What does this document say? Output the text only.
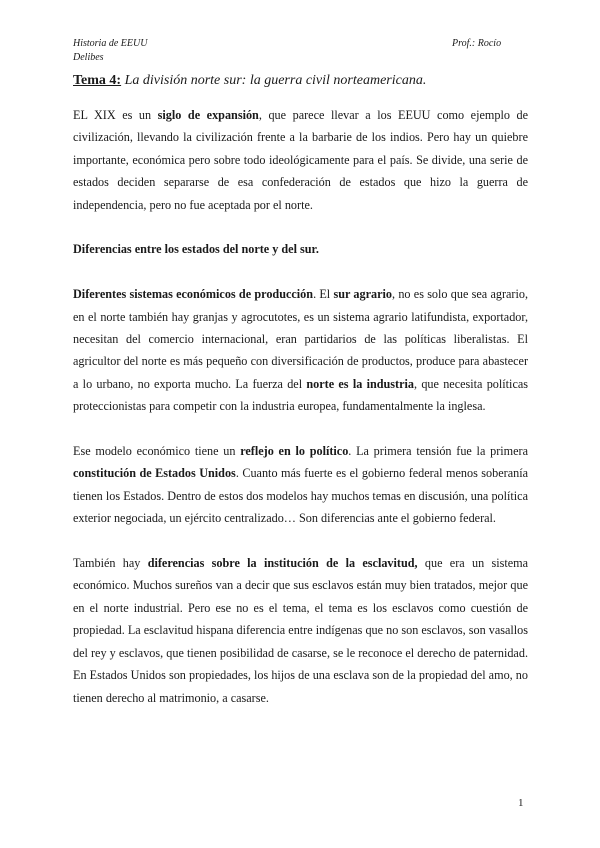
Historia de EEUU
Delibes
Prof.: Rocío
Tema 4: La división norte sur: la guerra civil norteamericana.

EL XIX es un siglo de expansión, que parece llevar a los EEUU como ejemplo de civilización, llevando la civilización frente a la barbarie de los indios. Pero hay un quiebre importante, económica pero sobre todo ideológicamente para el país. Se divide, una serie de estados deciden separarse de esa confederación de estados que hizo la guerra de independencia, pero no fue aceptada por el norte.

Diferencias entre los estados del norte y del sur.

Diferentes sistemas económicos de producción. El sur agrario, no es solo que sea agrario, en el norte también hay granjas y agrocutotes, es un sistema agrario latifundista, exportador, necesitan del comercio internacional, eran partidarios de las políticas liberalistas. El agricultor del norte es más pequeño con diversificación de productos, produce para abastecer a lo urbano, no exporta mucho. La fuerza del norte es la industria, que necesita políticas proteccionistas para competir con la industria europea, fundamentalmente la inglesa.

Ese modelo económico tiene un reflejo en lo político. La primera tensión fue la primera constitución de Estados Unidos. Cuanto más fuerte es el gobierno federal menos soberanía tienen los Estados. Dentro de estos dos modelos hay muchos temas en discusión, una política exterior negociada, un ejército centralizado… Son diferencias ante el gobierno federal.

También hay diferencias sobre la institución de la esclavitud, que era un sistema económico. Muchos sureños van a decir que sus esclavos están muy bien tratados, mejor que en el norte industrial. Pero ese no es el tema, el tema es los esclavos como cuestión de propiedad. La esclavitud hispana diferencia entre indígenas que no son esclavos, son vasallos del rey y esclavos, que tienen posibilidad de casarse, se le reconoce el derecho de paternidad. En Estados Unidos son propiedades, los hijos de una esclava son de la propiedad del amo, no tienen derecho al matrimonio, a casarse.

1
